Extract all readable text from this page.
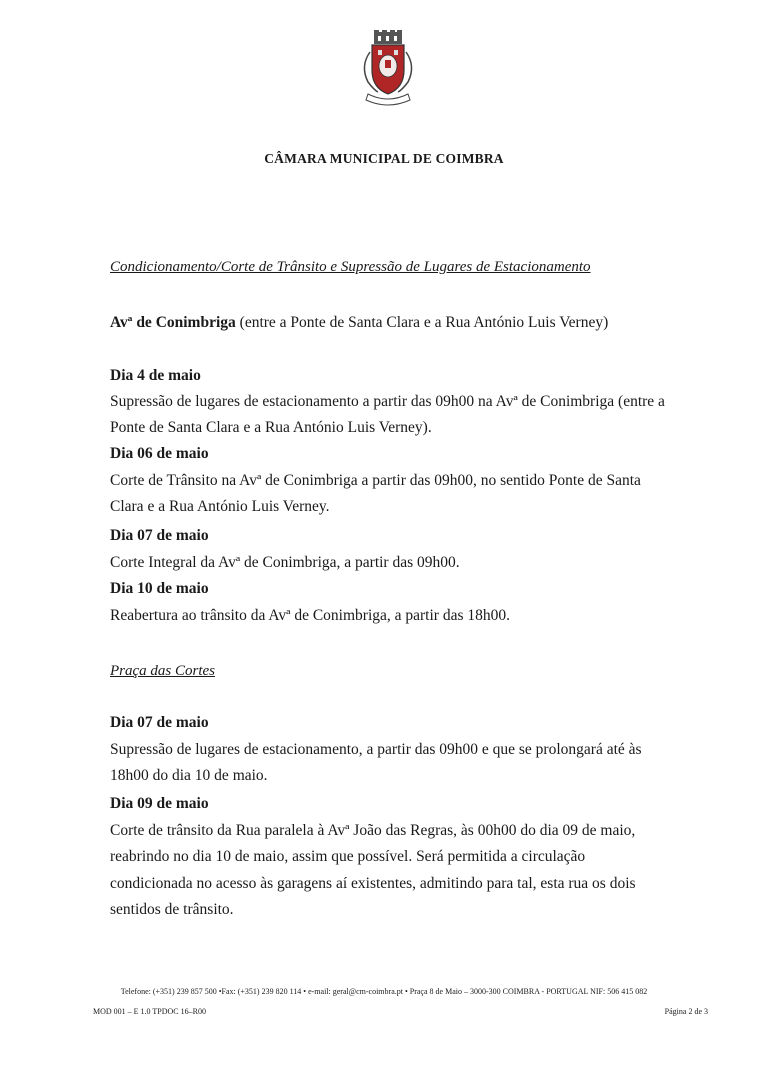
CÂMARA MUNICIPAL DE COIMBRA
Condicionamento/Corte de Trânsito e Supressão de Lugares de Estacionamento
Avª de Conimbriga (entre a Ponte de Santa Clara e a Rua António Luis Verney)
Dia 4 de maio
Supressão de lugares de estacionamento a partir das 09h00 na Avª de Conimbriga (entre a Ponte de Santa Clara e a Rua António Luis Verney).
Dia 06 de maio
Corte de Trânsito na Avª de Conimbriga a partir das 09h00, no sentido Ponte de Santa Clara e a Rua António Luis Verney.
Dia 07 de maio
Corte Integral da Avª de Conimbriga, a partir das 09h00.
Dia 10 de maio
Reabertura ao trânsito da Avª de Conimbriga, a partir das 18h00.
Praça das Cortes
Dia 07 de maio
Supressão de lugares de estacionamento, a partir das 09h00 e que se prolongará até às 18h00 do dia 10 de maio.
Dia 09 de maio
Corte de trânsito da Rua paralela à Avª João das Regras, às 00h00 do dia 09 de maio, reabrindo no dia 10 de maio, assim que possível. Será permitida a circulação condicionada no acesso às garagens aí existentes, admitindo para tal, esta rua os dois sentidos de trânsito.
Telefone: (+351) 239 857 500 •Fax: (+351) 239 820 114 • e-mail: geral@cm-coimbra.pt • Praça 8 de Maio – 3000-300 COIMBRA - PORTUGAL NIF: 506 415 082
MOD 001 – E 1.0 TPDOC 16–R00	Página 2 de 3
